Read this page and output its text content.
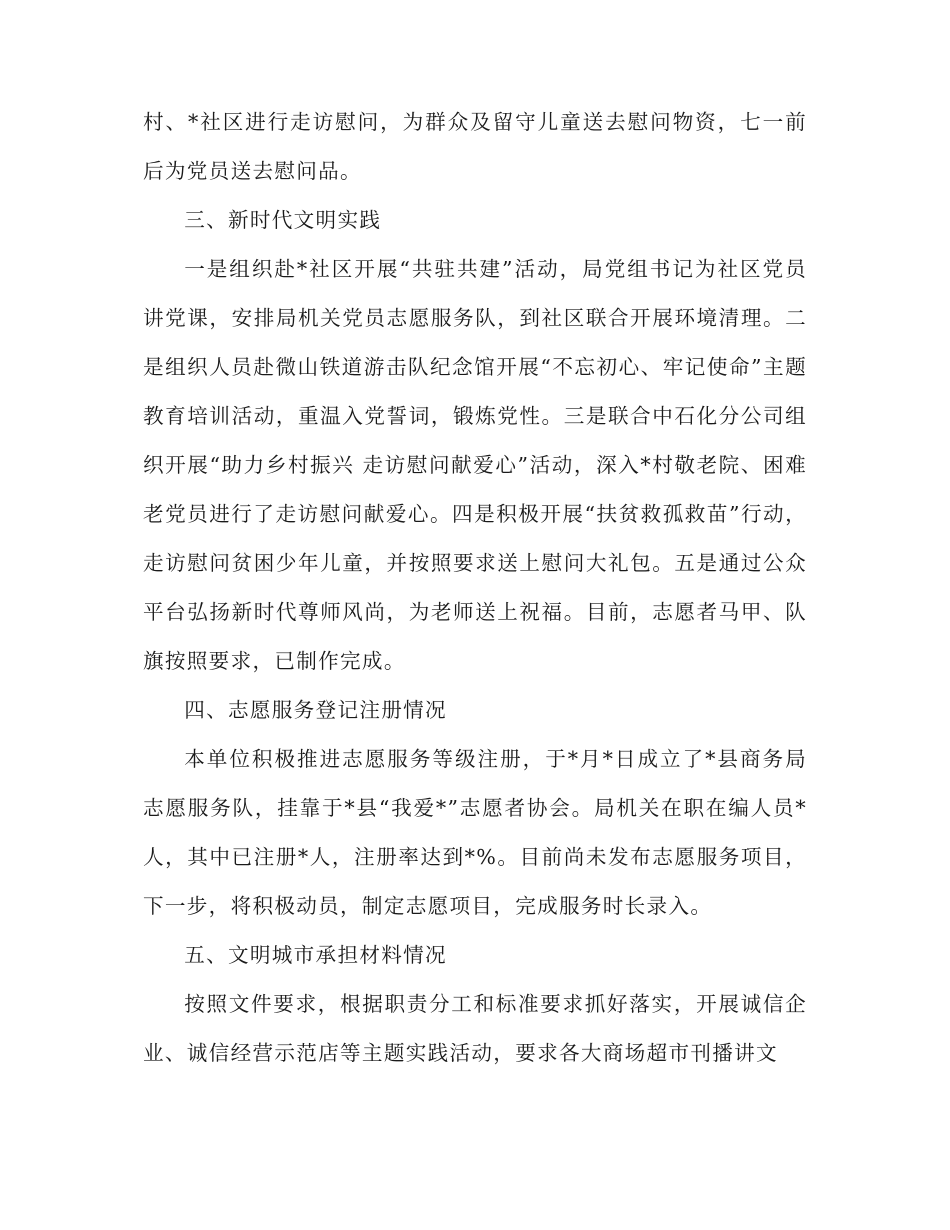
村、*社区进行走访慰问，为群众及留守儿童送去慰问物资，七一前后为党员送去慰问品。

三、新时代文明实践

一是组织赴*社区开展“共驻共建”活动，局党组书记为社区党员讲党课，安排局机关党员志愿服务队，到社区联合开展环境清理。二是组织人员赴微山铁道游击队纪念馆开展“不忘初心、牢记使命”主题教育培训活动，重温入党誓词，锻炼党性。三是联合中石化分公司组织开展“助力乡村振兴 走访慰问献爱心”活动，深入*村敬老院、困难老党员进行了走访慰问献爱心。四是积极开展“扶贫救孤救苗”行动，走访慰问贫困少年儿童，并按照要求送上慰问大礼包。五是通过公众平台弘扬新时代尊师风尚，为老师送上祝福。目前，志愿者马甲、队旗按照要求，已制作完成。

四、志愿服务登记注册情况

本单位积极推进志愿服务等级注册，于*月*日成立了*县商务局志愿服务队，挂靠于*县“我爱*”志愿者协会。局机关在职在编人员*人，其中已注册*人，注册率达到*%。目前尚未发布志愿服务项目，下一步，将积极动员，制定志愿项目，完成服务时长录入。

五、文明城市承担材料情况

按照文件要求，根据职责分工和标准要求抓好落实，开展诚信企业、诚信经营示范店等主题实践活动，要求各大商场超市刊播讲文
